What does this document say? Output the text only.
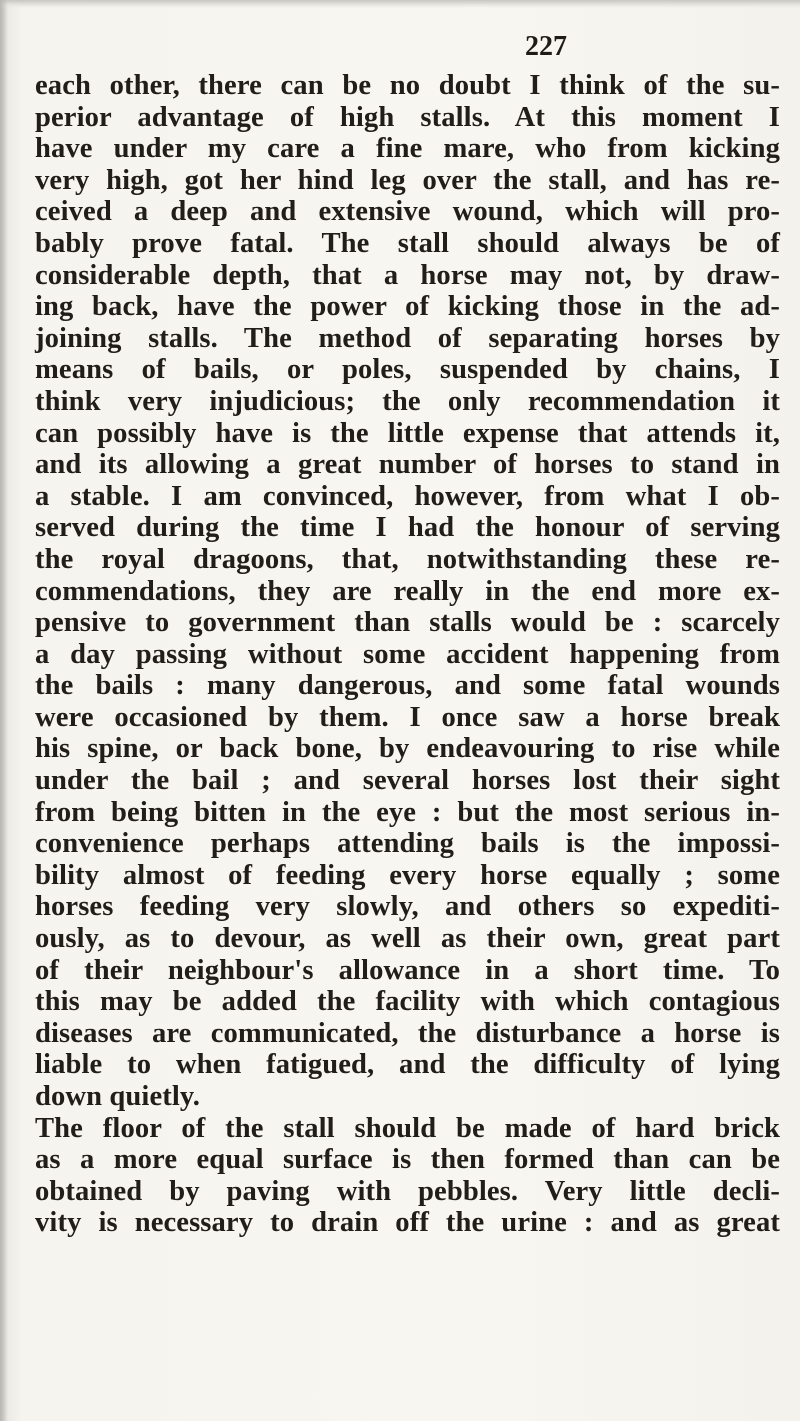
227
each other, there can be no doubt I think of the su-
perior advantage of high stalls. At this moment I
have under my care a fine mare, who from kicking
very high, got her hind leg over the stall, and has re-
ceived a deep and extensive wound, which will pro-
bably prove fatal. The stall should always be of
considerable depth, that a horse may not, by draw-
ing back, have the power of kicking those in the ad-
joining stalls. The method of separating horses by
means of bails, or poles, suspended by chains, I
think very injudicious; the only recommendation it
can possibly have is the little expense that attends it,
and its allowing a great number of horses to stand in
a stable. I am convinced, however, from what I ob-
served during the time I had the honour of serving
the royal dragoons, that, notwithstanding these re-
commendations, they are really in the end more ex-
pensive to government than stalls would be : scarcely
a day passing without some accident happening from
the bails : many dangerous, and some fatal wounds
were occasioned by them. I once saw a horse break
his spine, or back bone, by endeavouring to rise while
under the bail ; and several horses lost their sight
from being bitten in the eye : but the most serious in-
convenience perhaps attending bails is the impossi-
bility almost of feeding every horse equally ; some
horses feeding very slowly, and others so expediti-
ously, as to devour, as well as their own, great part
of their neighbour's allowance in a short time. To
this may be added the facility with which contagious
diseases are communicated, the disturbance a horse is
liable to when fatigued, and the difficulty of lying
down quietly.
The floor of the stall should be made of hard brick
as a more equal surface is then formed than can be
obtained by paving with pebbles. Very little decli-
vity is necessary to drain off the urine : and as great
